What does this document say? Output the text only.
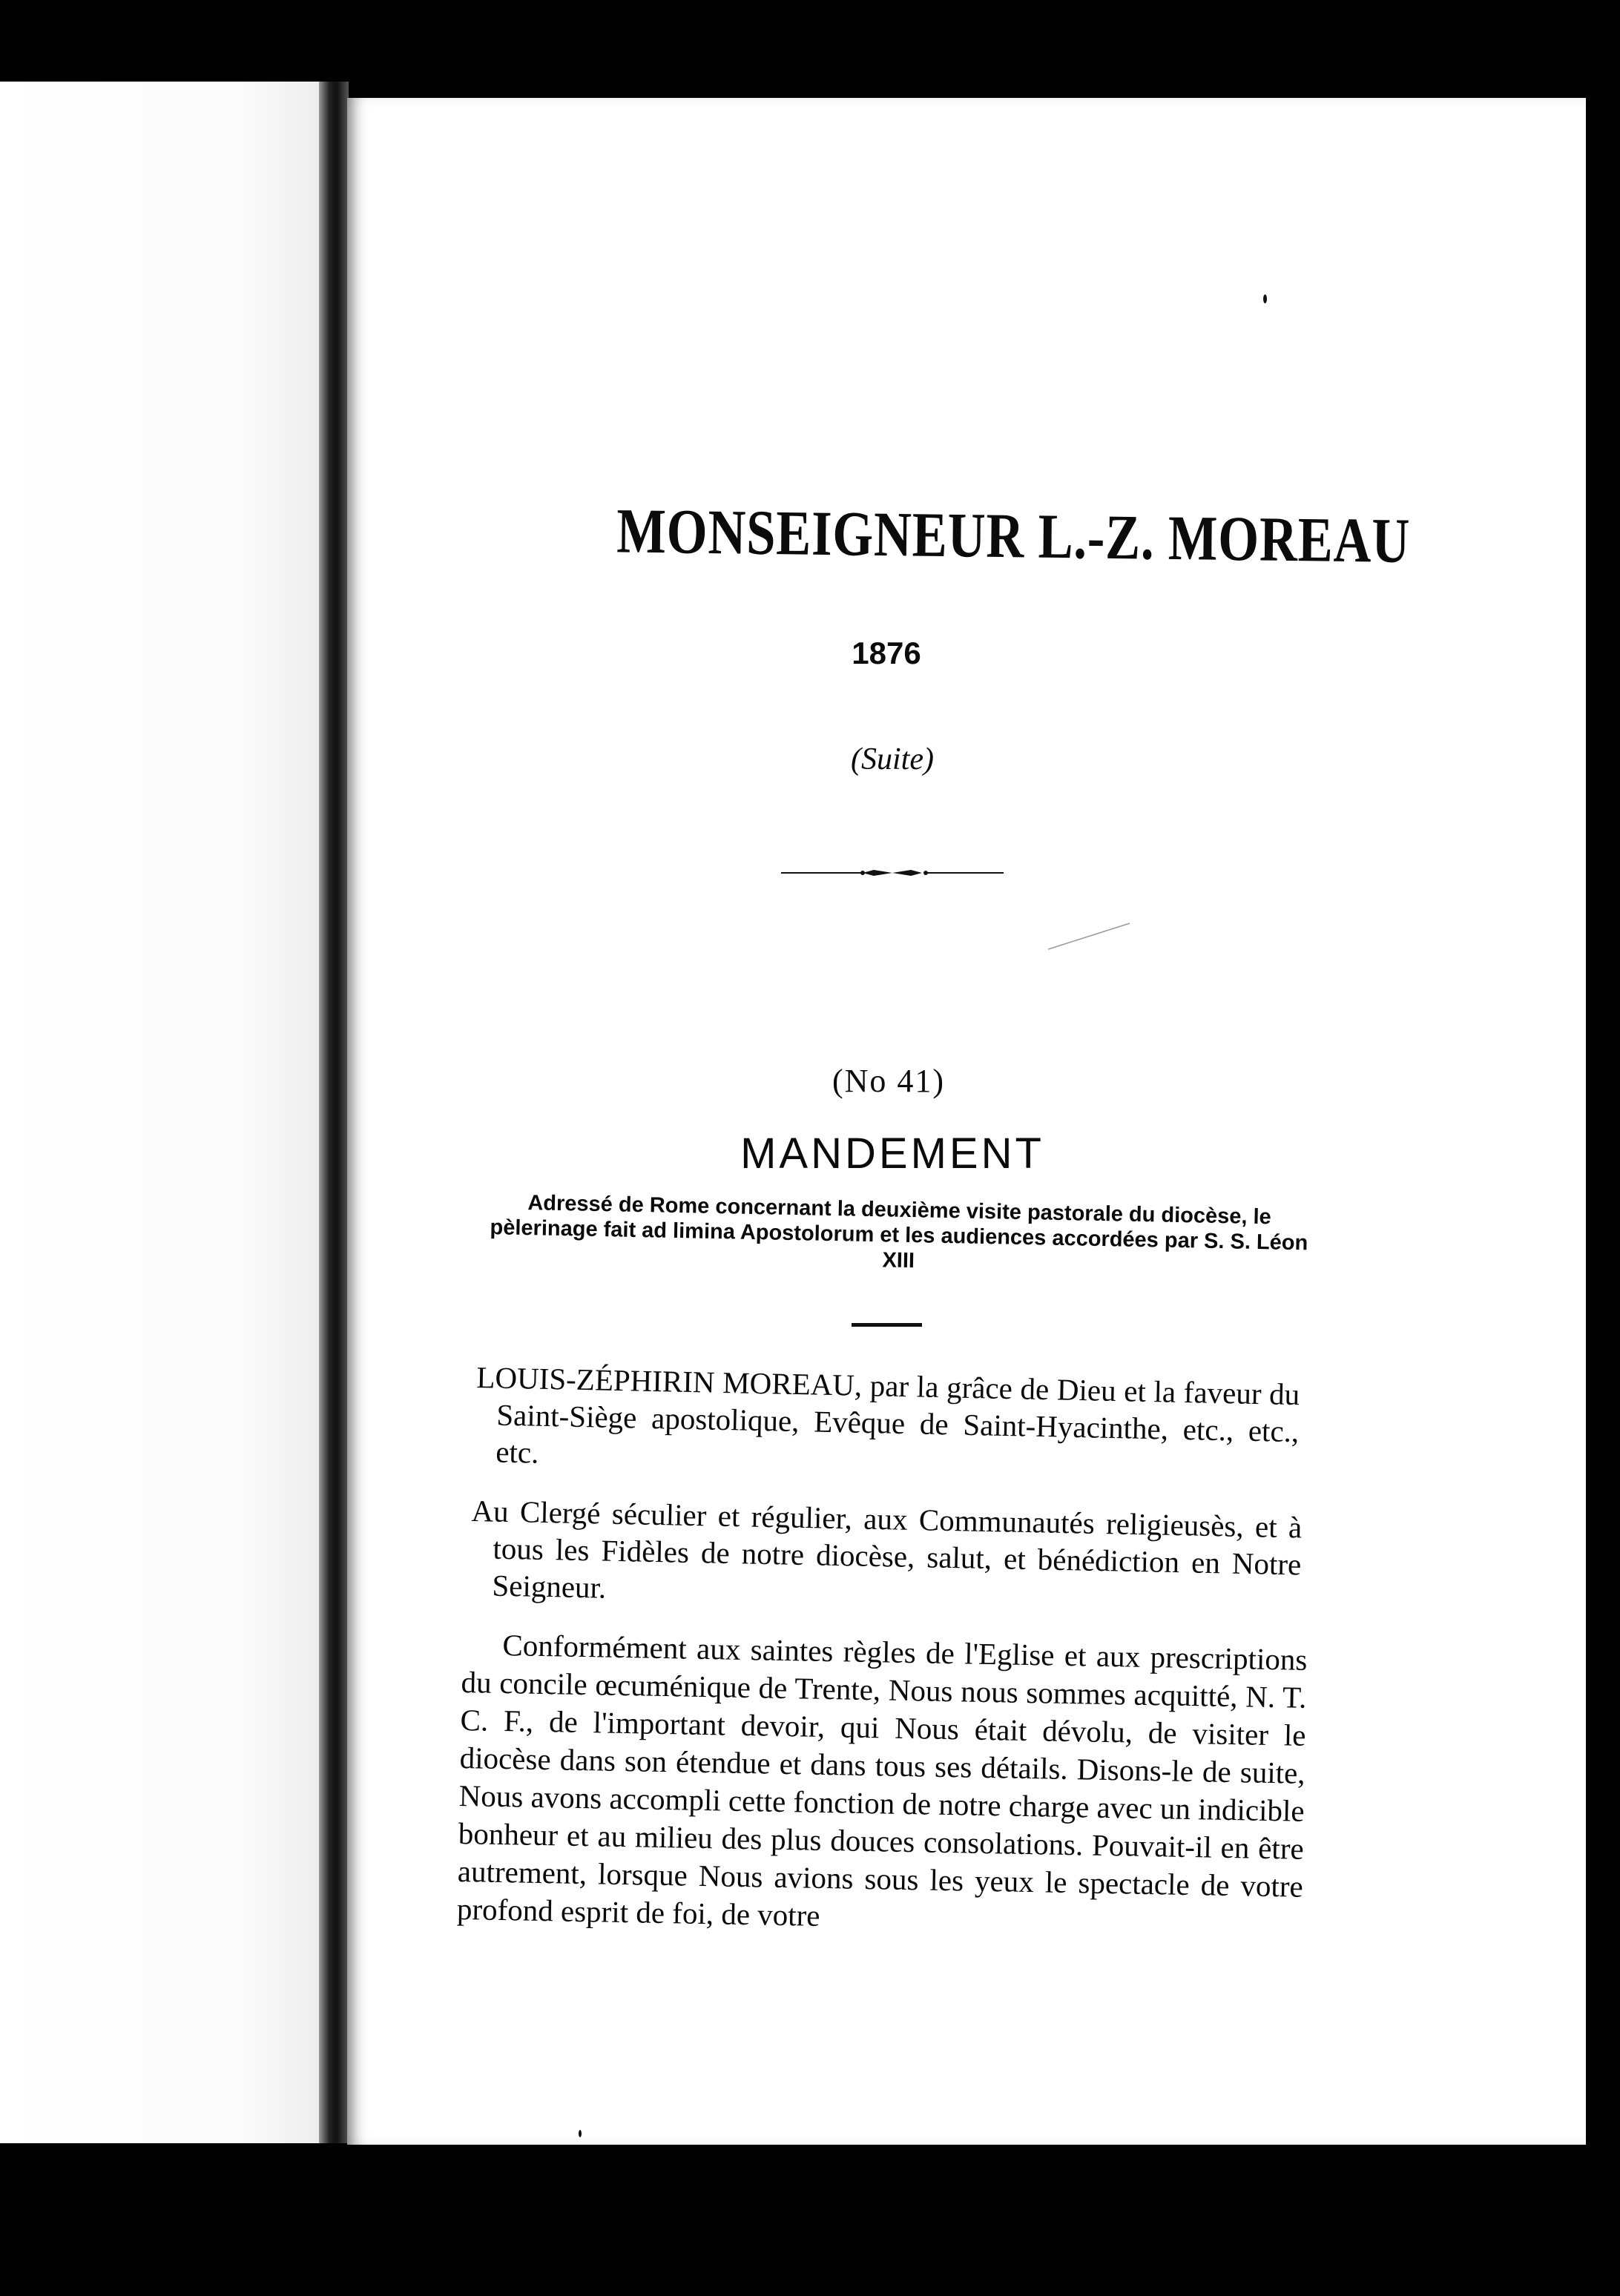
MONSEIGNEUR L.-Z. MOREAU
1876
(Suite)
(No 41)
MANDEMENT
Adressé de Rome concernant la deuxième visite pastorale du diocèse, le pèlerinage fait ad limina Apostolorum et les audiences accordées par S. S. Léon XIII
LOUIS-ZÉPHIRIN MOREAU, par la grâce de Dieu et la faveur du Saint-Siège apostolique, Evêque de Saint-Hyacinthe, etc., etc., etc.
Au Clergé séculier et régulier, aux Communautés religieusès, et à tous les Fidèles de notre diocèse, salut, et bénédiction en Notre Seigneur.
Conformément aux saintes règles de l'Eglise et aux prescriptions du concile œcuménique de Trente, Nous nous sommes acquitté, N. T. C. F., de l'important devoir, qui Nous était dévolu, de visiter le diocèse dans son étendue et dans tous ses détails. Disons-le de suite, Nous avons accompli cette fonction de notre charge avec un indicible bonheur et au milieu des plus douces consolations. Pouvait-il en être autrement, lorsque Nous avions sous les yeux le spectacle de votre profond esprit de foi, de votre
